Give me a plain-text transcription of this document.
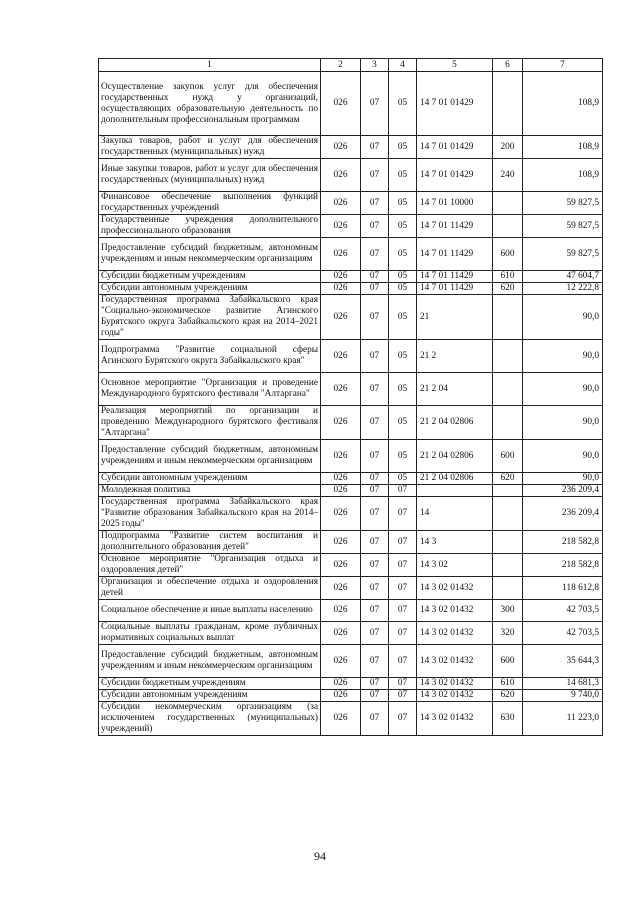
1	2	3	4	5	6	7
Осуществление закупок услуг для обеспечения государственных нужд у организаций, осуществляющих образовательную деятельность по дополнительным профессиональным программам	026	07	05	14 7 01 01429		108,9
Закупка товаров, работ и услуг для обеспечения государственных (муниципальных) нужд	026	07	05	14 7 01 01429	200	108,9
Иные закупки товаров, работ и услуг для обеспечения государственных (муниципальных) нужд	026	07	05	14 7 01 01429	240	108,9
Финансовое обеспечение выполнения функций государственных учреждений	026	07	05	14 7 01 10000		59 827,5
Государственные учреждения дополнительного профессионального образования	026	07	05	14 7 01 11429		59 827,5
Предоставление субсидий бюджетным, автономным учреждениям и иным некоммерческим организациям	026	07	05	14 7 01 11429	600	59 827,5
Субсидии бюджетным учреждениям	026	07	05	14 7 01 11429	610	47 604,7
Субсидии автономным учреждениям	026	07	05	14 7 01 11429	620	12 222,8
Государственная программа Забайкальского края "Социально-экономическое развитие Агинского Бурятского округа Забайкальского края на 2014–2021 годы"	026	07	05	21		90,0
Подпрограмма "Развитие социальной сферы Агинского Бурятского округа Забайкальского края"	026	07	05	21 2		90,0
Основное мероприятие "Организация и проведение Международного бурятского фестиваля "Алтаргана"	026	07	05	21 2 04		90,0
Реализация мероприятий по организации и проведению Международного бурятского фестиваля "Алтаргана"	026	07	05	21 2 04 02806		90,0
Предоставление субсидий бюджетным, автономным учреждениям и иным некоммерческим организациям	026	07	05	21 2 04 02806	600	90,0
Субсидии автономным учреждениям	026	07	05	21 2 04 02806	620	90,0
Молодежная политика	026	07	07			236 209,4
Государственная программа Забайкальского края "Развитие образования Забайкальского края на 2014–2025 годы"	026	07	07	14		236 209,4
Подпрограмма "Развитие систем воспитания и дополнительного образования детей"	026	07	07	14 3		218 582,8
Основное мероприятие "Организация отдыха и оздоровления детей"	026	07	07	14 3 02		218 582,8
Организация и обеспечение отдыха и оздоровления детей	026	07	07	14 3 02 01432		118 612,8
Социальное обеспечение и иные выплаты населению	026	07	07	14 3 02 01432	300	42 703,5
Социальные выплаты гражданам, кроме публичных нормативных социальных выплат	026	07	07	14 3 02 01432	320	42 703,5
Предоставление субсидий бюджетным, автономным учреждениям и иным некоммерческим организациям	026	07	07	14 3 02 01432	600	35 644,3
Субсидии бюджетным учреждениям	026	07	07	14 3 02 01432	610	14 681,3
Субсидии автономным учреждениям	026	07	07	14 3 02 01432	620	9 740,0
Субсидии некоммерческим организациям (за исключением государственных (муниципальных) учреждений)	026	07	07	14 3 02 01432	630	11 223,0
94
